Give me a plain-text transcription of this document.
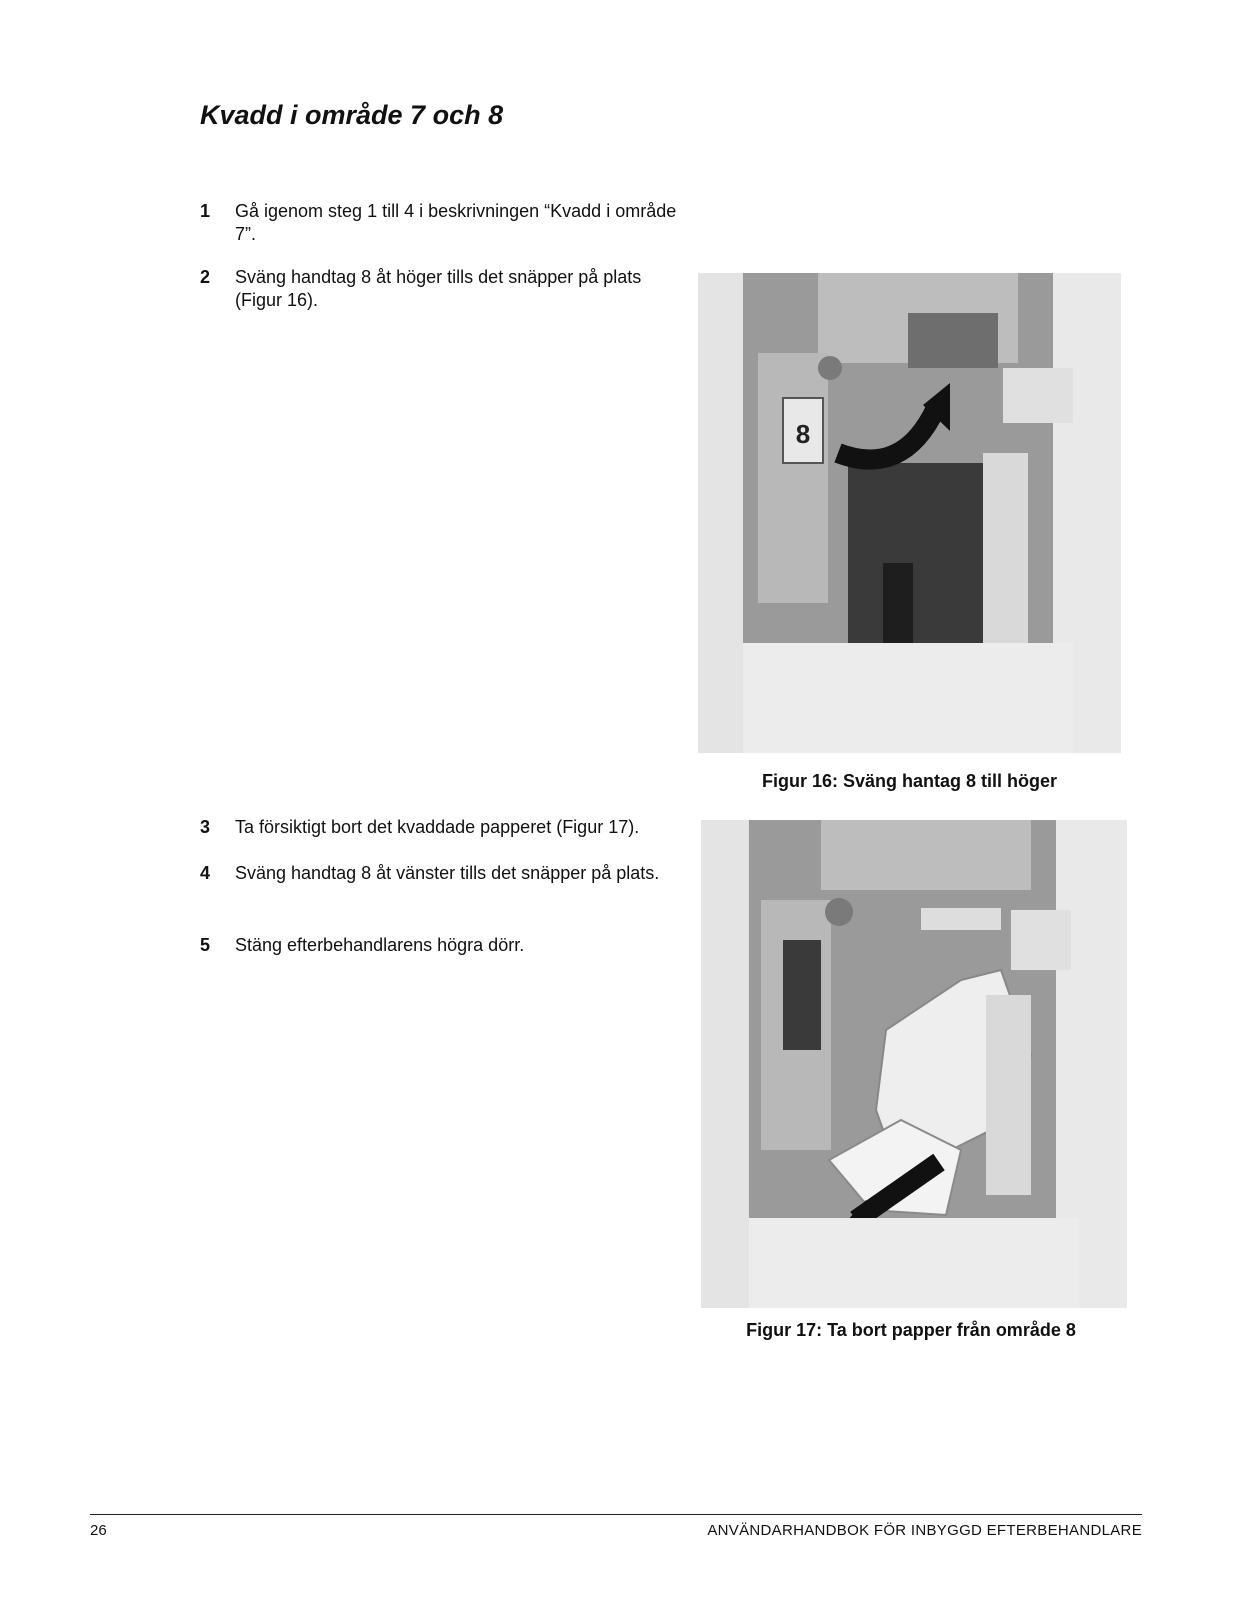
Kvadd i område 7 och 8
1 Gå igenom steg 1 till 4 i beskrivningen “Kvadd i område 7”.
2 Sväng handtag 8 åt höger tills det snäpper på plats (Figur 16).
3 Ta försiktigt bort det kvaddade papperet (Figur 17).
4 Sväng handtag 8 åt vänster tills det snäpper på plats.
5 Stäng efterbehandlarens högra dörr.
8
Figur 16: Sväng hantag 8 till höger
Figur 17: Ta bort papper från område 8
26	ANVÄNDARHANDBOK FÖR INBYGGD EFTERBEHANDLARE
